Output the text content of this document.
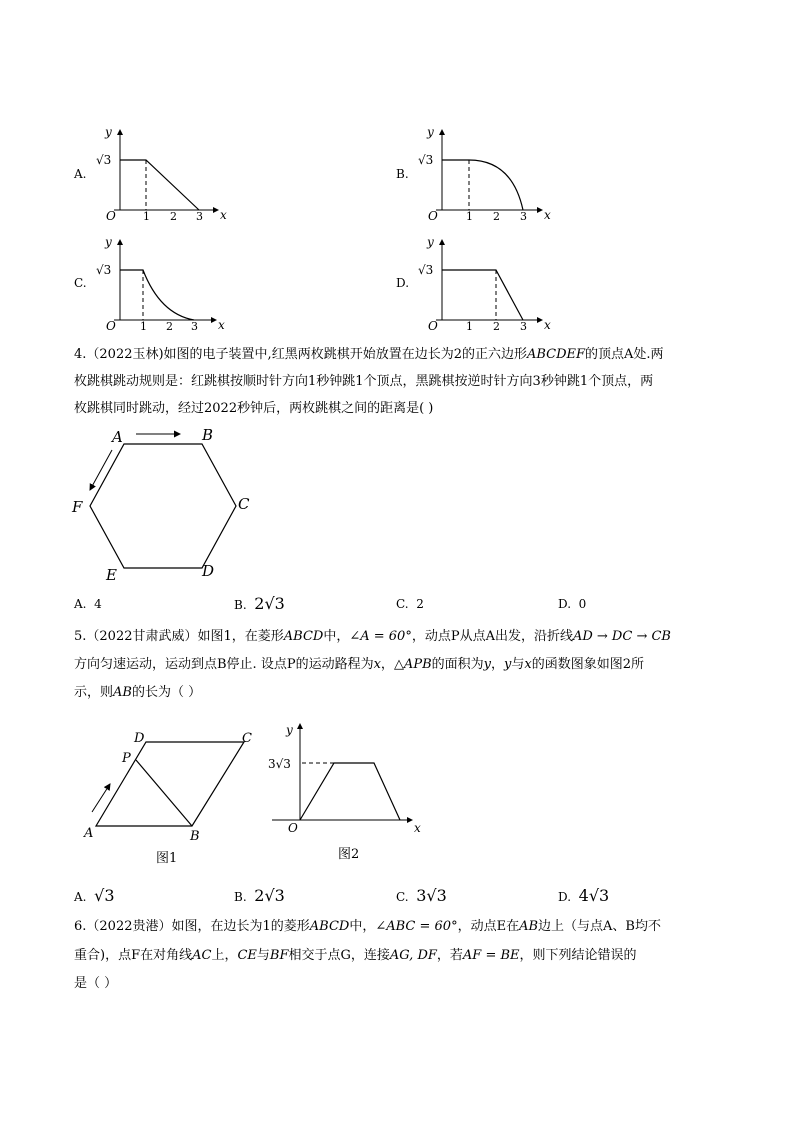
A.	B.
C.	D.
y
x
O
√3
1 2 3
y
x
O
√3
1 2 3
y
x
O
√3
1 2 3
y
x
O
√3
1 2 3
4.（2022玉林)如图的电子装置中,红黑两枚跳棋开始放置在边长为2的正六边形ABCDEF的顶点A处.两
枚跳棋跳动规则是：红跳棋按顺时针方向1秒钟跳1个顶点，黑跳棋按逆时针方向3秒钟跳1个顶点，两
枚跳棋同时跳动，经过2022秒钟后，两枚跳棋之间的距离是( )
A	B
C
D
E
F
A. 4	B. 2√3	C. 2	D. 0
5.（2022甘肃武威）如图1，在菱形ABCD中，∠A = 60°，动点P从点A出发，沿折线AD → DC → CB
方向匀速运动，运动到点B停止. 设点P的运动路程为x，△APB的面积为y，y与x的函数图象如图2所
示，则AB的长为（ ）
A	B
C
D
P
图1
y
x
O
3√3
图2
A. √3	B. 2√3	C. 3√3	D. 4√3
6.（2022贵港）如图，在边长为1的菱形ABCD中，∠ABC = 60°，动点E在AB边上（与点A、B均不
重合)，点F在对角线AC上，CE与BF相交于点G，连接AG, DF，若AF = BE，则下列结论错误的
是（ ）
